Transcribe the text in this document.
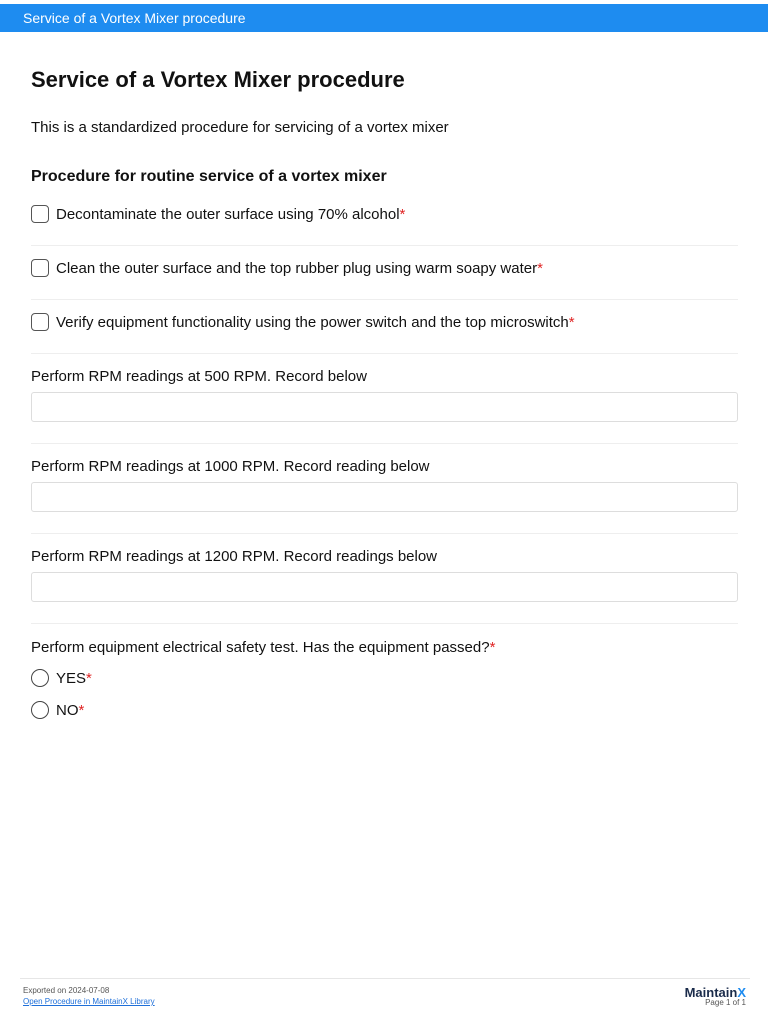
Service of a Vortex Mixer procedure
Service of a Vortex Mixer procedure

This is a standardized procedure for servicing of a vortex mixer

Procedure for routine service of a vortex mixer
Decontaminate the outer surface using 70% alcohol*
Clean the outer surface and the top rubber plug using warm soapy water*
Verify equipment functionality using the power switch and the top microswitch*
Perform RPM readings at 500 RPM. Record below
Perform RPM readings at 1000 RPM. Record reading below
Perform RPM readings at 1200 RPM. Record readings below
Perform equipment electrical safety test. Has the equipment passed?*
YES*
NO*
Exported on 2024-07-08
Open Procedure in MaintainX Library
MaintainX
Page 1 of 1
